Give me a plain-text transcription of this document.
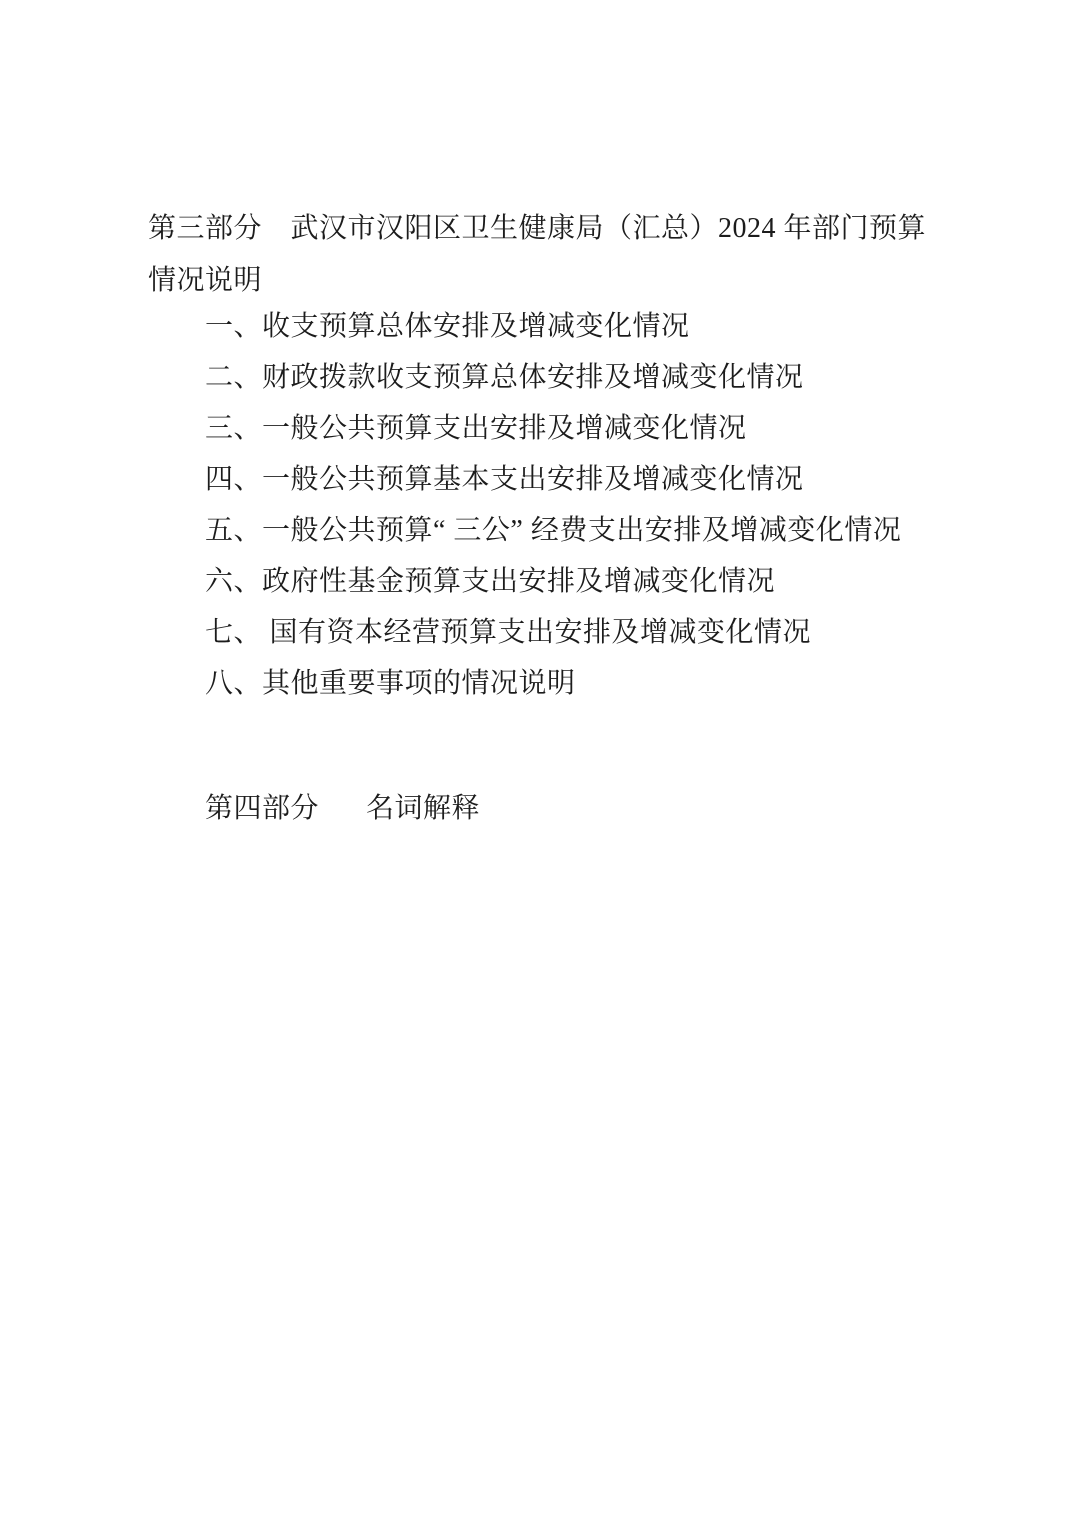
第三部分　武汉市汉阳区卫生健康局（汇总）2024 年部门预算
情况说明
一、收支预算总体安排及增减变化情况
二、财政拨款收支预算总体安排及增减变化情况
三、一般公共预算支出安排及增减变化情况
四、一般公共预算基本支出安排及增减变化情况
五、一般公共预算“ 三公” 经费支出安排及增减变化情况
六、政府性基金预算支出安排及增减变化情况
七、 国有资本经营预算支出安排及增减变化情况
八、其他重要事项的情况说明
第四部分 名词解释
